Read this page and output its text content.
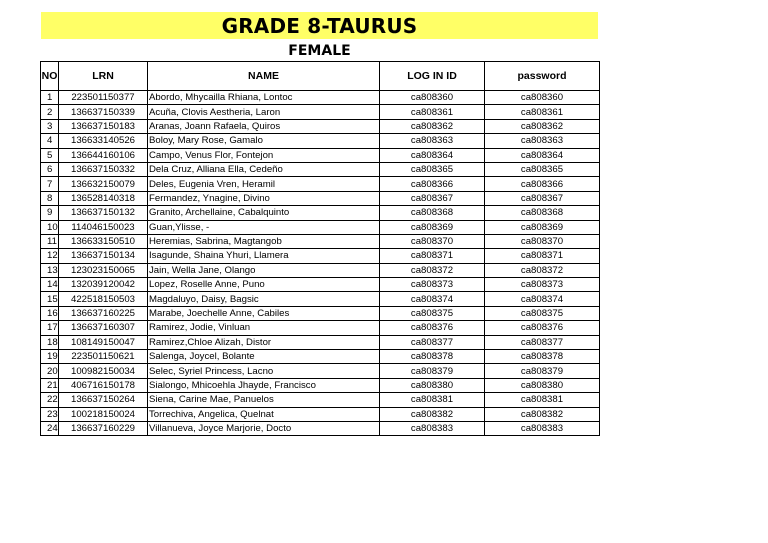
GRADE 8-TAURUS
FEMALE
NO	LRN	NAME	LOG IN ID	password
1	223501150377	Abordo, Mhycailla Rhiana, Lontoc	ca808360	ca808360
2	136637150339	Acuña, Clovis Aestheria, Laron	ca808361	ca808361
3	136637150183	Aranas, Joann Rafaela, Quiros	ca808362	ca808362
4	136633140526	Boloy, Mary Rose, Gamalo	ca808363	ca808363
5	136644160106	Campo, Venus Flor, Fontejon	ca808364	ca808364
6	136637150332	Dela Cruz, Alliana Ella, Cedeño	ca808365	ca808365
7	136632150079	Deles, Eugenia Vren, Heramil	ca808366	ca808366
8	136528140318	Fermandez, Ynagine, Divino	ca808367	ca808367
9	136637150132	Granito, Archellaine, Cabalquinto	ca808368	ca808368
10	114046150023	Guan,Ylisse, -	ca808369	ca808369
11	136633150510	Heremias, Sabrina, Magtangob	ca808370	ca808370
12	136637150134	Isagunde, Shaina Yhuri, Llamera	ca808371	ca808371
13	123023150065	Jain, Wella Jane, Olango	ca808372	ca808372
14	132039120042	Lopez, Roselle Anne, Puno	ca808373	ca808373
15	422518150503	Magdaluyo, Daisy, Bagsic	ca808374	ca808374
16	136637160225	Marabe, Joechelle Anne, Cabiles	ca808375	ca808375
17	136637160307	Ramirez, Jodie, Vinluan	ca808376	ca808376
18	108149150047	Ramirez,Chloe Alizah, Distor	ca808377	ca808377
19	223501150621	Salenga, Joycel, Bolante	ca808378	ca808378
20	100982150034	Selec, Syriel Princess, Lacno	ca808379	ca808379
21	406716150178	Sialongo, Mhicoehla Jhayde, Francisco	ca808380	ca808380
22	136637150264	Siena, Carine Mae, Panuelos	ca808381	ca808381
23	100218150024	Torrechiva, Angelica, Quelnat	ca808382	ca808382
24	136637160229	Villanueva, Joyce Marjorie, Docto	ca808383	ca808383
